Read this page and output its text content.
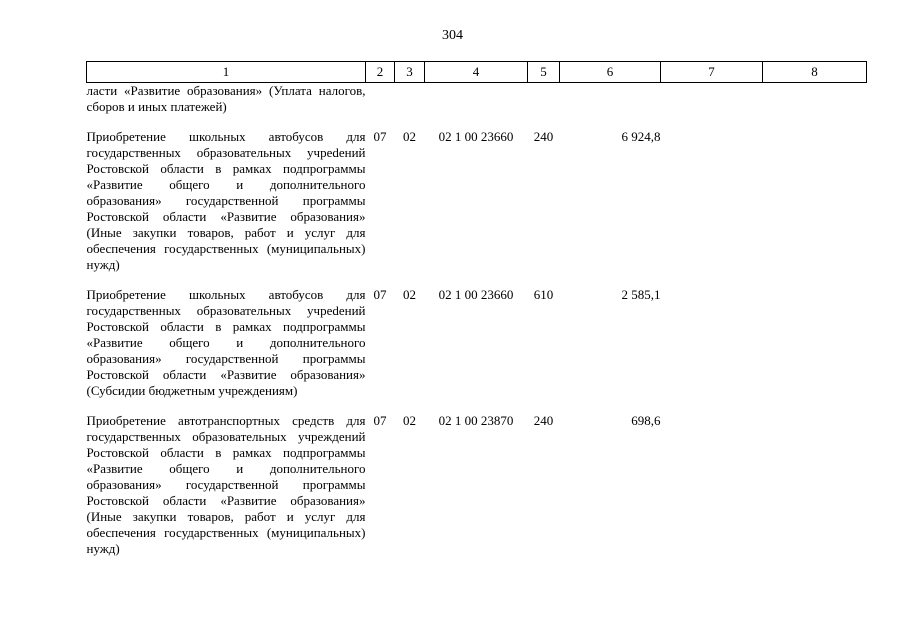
304
1	2	3	4	5	6	7	8
ласти «Развитие образования» (Уплата налогов, сборов и иных платежей)							

Приобретение школьных автобусов для государственных образовательных учреdений Ростовской области в рамках подпрограммы «Развитие общего и дополнительного образования» государственной программы Ростовской области «Развитие образования» (Иные закупки товаров, работ и услуг для обеспечения государственных (муниципальных) нужд)	07	02	02 1 00 23660	240	6 924,8		

Приобретение школьных автобусов для государственных образовательных учреdений Ростовской области в рамках подпрограммы «Развитие общего и дополнительного образования» государственной программы Ростовской области «Развитие образования» (Субсидии бюджетным учреждениям)	07	02	02 1 00 23660	610	2 585,1		

Приобретение автотранспортных средств для государственных образовательных учреждений Ростовской области в рамках подпрограммы «Развитие общего и дополнительного образования» государственной программы Ростовской области «Развитие образования» (Иные закупки товаров, работ и услуг для обеспечения государственных (муниципальных) нужд)	07	02	02 1 00 23870	240	698,6		
